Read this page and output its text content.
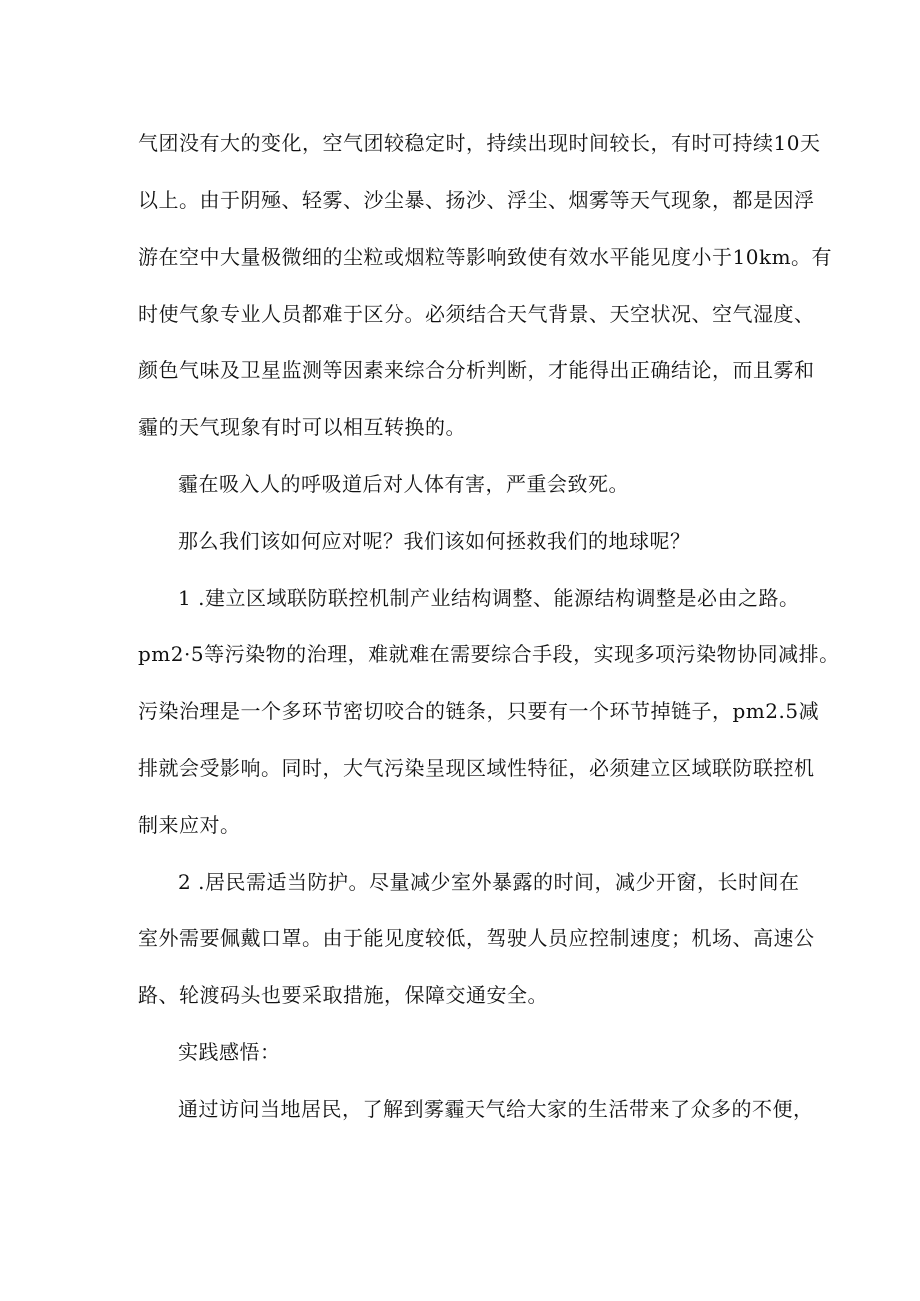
气团没有大的变化，空气团较稳定时，持续出现时间较长，有时可持续10天
以上。由于阴殛、轻雾、沙尘暴、扬沙、浮尘、烟雾等天气现象，都是因浮
游在空中大量极微细的尘粒或烟粒等影响致使有效水平能见度小于10km。有
时使气象专业人员都难于区分。必须结合天气背景、天空状况、空气湿度、
颜色气味及卫星监测等因素来综合分析判断，才能得出正确结论，而且雾和
霾的天气现象有时可以相互转换的。
霾在吸入人的呼吸道后对人体有害，严重会致死。
那么我们该如何应对呢？我们该如何拯救我们的地球呢？
1 .建立区域联防联控机制产业结构调整、能源结构调整是必由之路。
pm2·5等污染物的治理，难就难在需要综合手段，实现多项污染物协同减排。
污染治理是一个多环节密切咬合的链条，只要有一个环节掉链子，pm2.5减
排就会受影响。同时，大气污染呈现区域性特征，必须建立区域联防联控机
制来应对。
2 .居民需适当防护。尽量减少室外暴露的时间，减少开窗，长时间在
室外需要佩戴口罩。由于能见度较低，驾驶人员应控制速度；机场、高速公
路、轮渡码头也要采取措施，保障交通安全。
实践感悟：
通过访问当地居民，了解到雾霾天气给大家的生活带来了众多的不便，
